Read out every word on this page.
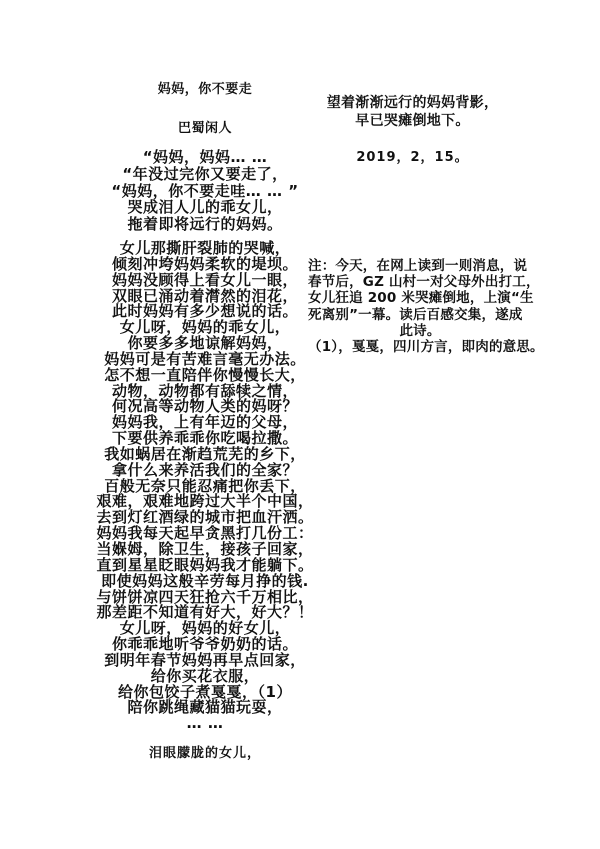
妈妈，你不要走
巴蜀闲人
“妈妈，妈妈… …
“年没过完你又要走了，
“妈妈，你不要走哇… … ”
哭成泪人儿的乖女儿，
拖着即将远行的妈妈。
女儿那撕肝裂肺的哭喊，
倾刻冲垮妈妈柔软的堤坝。
妈妈没顾得上看女儿一眼，
双眼已涌动着潸然的泪花，
此时妈妈有多少想说的话。
女儿呀，妈妈的乖女儿，
你要多多地谅解妈妈，
妈妈可是有苦难言毫无办法。
怎不想一直陪伴你慢慢长大，
动物，动物都有舔犊之情，
何况高等动物人类的妈呀？
妈妈我，上有年迈的父母，
下要供养乖乖你吃喝拉撒。
我如蜗居在渐趋荒芜的乡下，
拿什么来养活我们的全家？
百般无奈只能忍痛把你丢下，
艰难，艰难地跨过大半个中国，
去到灯红酒绿的城市把血汗洒。
妈妈我每天起早贪黑打几份工：
当媬姆，除卫生，接孩子回家，
直到星星眨眼妈妈我才能躺下。
即使妈妈这般辛劳每月挣的钱.
与饼饼凉四天狂抢六千万相比，
那差距不知道有好大，好大？！
女儿呀，妈妈的好女儿，
你乖乖地听爷爷奶奶的话。
到明年春节妈妈再早点回家，
给你买花衣服，
给你包饺子煮戛戛，（1）
陪你跳绳藏猫猫玩耍，
… …
泪眼朦胧的女儿，
望着渐渐远行的妈妈背影，
早已哭瘫倒地下。
2019，2，15。
注：今天，在网上读到一则消息，说
春节后，GZ 山村一对父母外出打工，
女儿狂追 200 米哭瘫倒地，上演“生
死离别”一幕。读后百感交集，遂成
此诗。
（1），戛戛，四川方言，即肉的意思。
